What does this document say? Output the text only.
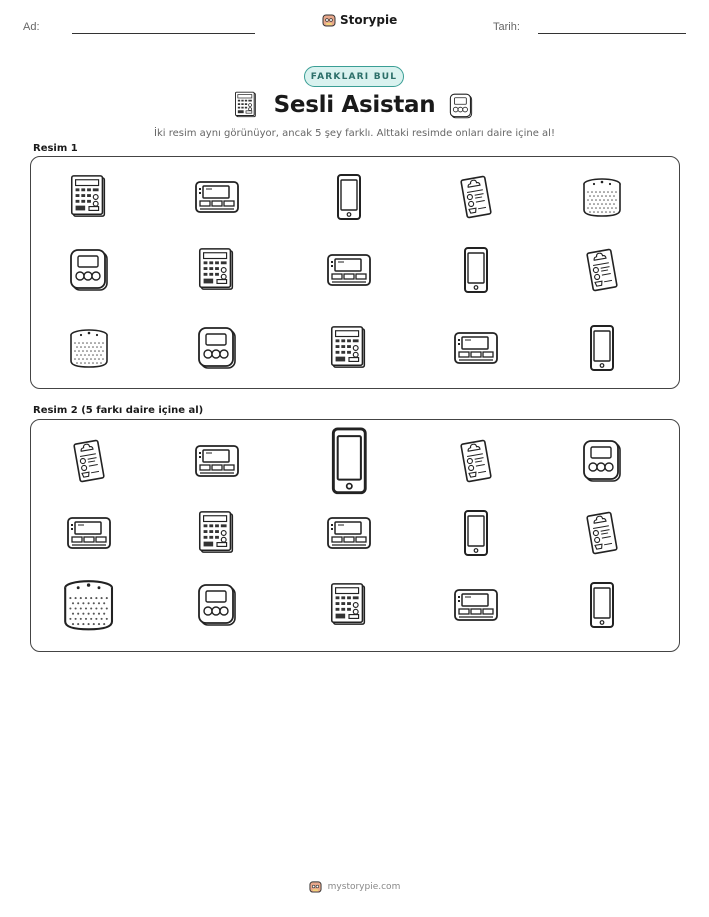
Ad:	Storypie	Tarih:
FARKLARI BUL
Sesli Asistan
İki resim aynı görünüyor, ancak 5 şey farklı. Alttaki resimde onları daire içine al!
Resim 1
Resim 2 (5 farkı daire içine al)
mystorypie.com
